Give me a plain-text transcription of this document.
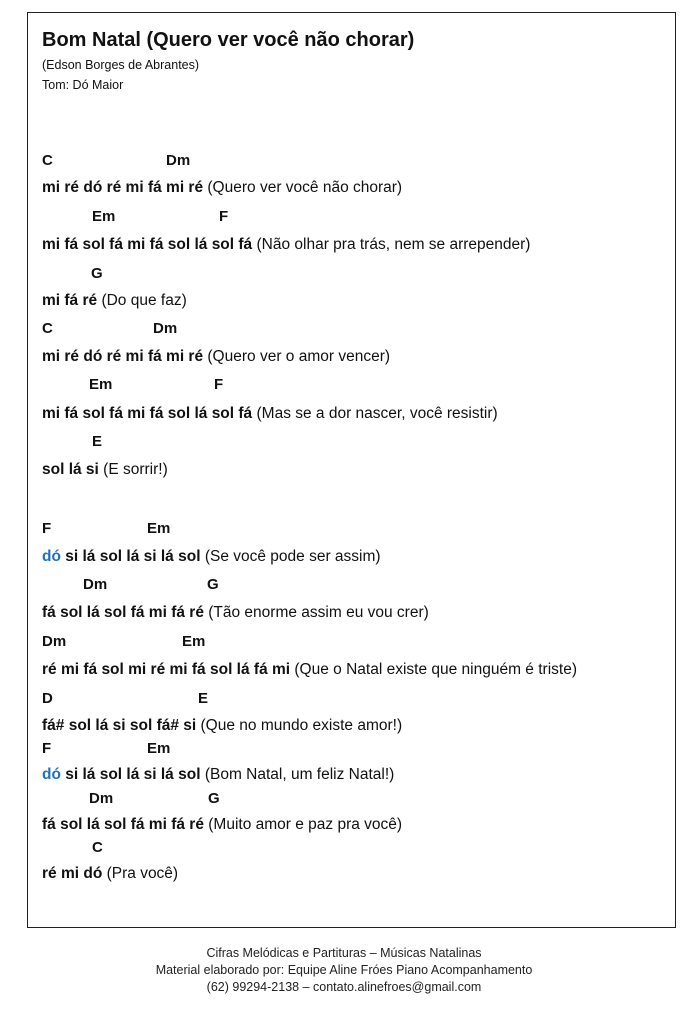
Bom Natal (Quero ver você não chorar)
(Edson Borges de Abrantes)
Tom: Dó Maior
C	Dm
mi ré dó ré mi fá mi ré (Quero ver você não chorar)
Em	F
mi fá sol fá mi fá sol lá sol fá (Não olhar pra trás, nem se arrepender)
G
mi fá ré (Do que faz)
C	Dm
mi ré dó ré mi fá mi ré (Quero ver o amor vencer)
Em	F
mi fá sol fá mi fá sol lá sol fá (Mas se a dor nascer, você resistir)
E
sol lá si (E sorrir!)
F	Em
dó si lá sol lá si lá sol (Se você pode ser assim)
Dm	G
fá sol lá sol fá mi fá ré (Tão enorme assim eu vou crer)
Dm	Em
ré mi fá sol mi ré mi fá sol lá fá mi (Que o Natal existe que ninguém é triste)
D	E
fá# sol lá si sol fá# si (Que no mundo existe amor!)
F	Em
dó si lá sol lá si lá sol (Bom Natal, um feliz Natal!)
Dm	G
fá sol lá sol fá mi fá ré (Muito amor e paz pra você)
C
ré mi dó (Pra você)
Cifras Melódicas e Partituras – Músicas Natalinas
Material elaborado por: Equipe Aline Fróes Piano Acompanhamento
(62) 99294-2138 – contato.alinefroes@gmail.com
